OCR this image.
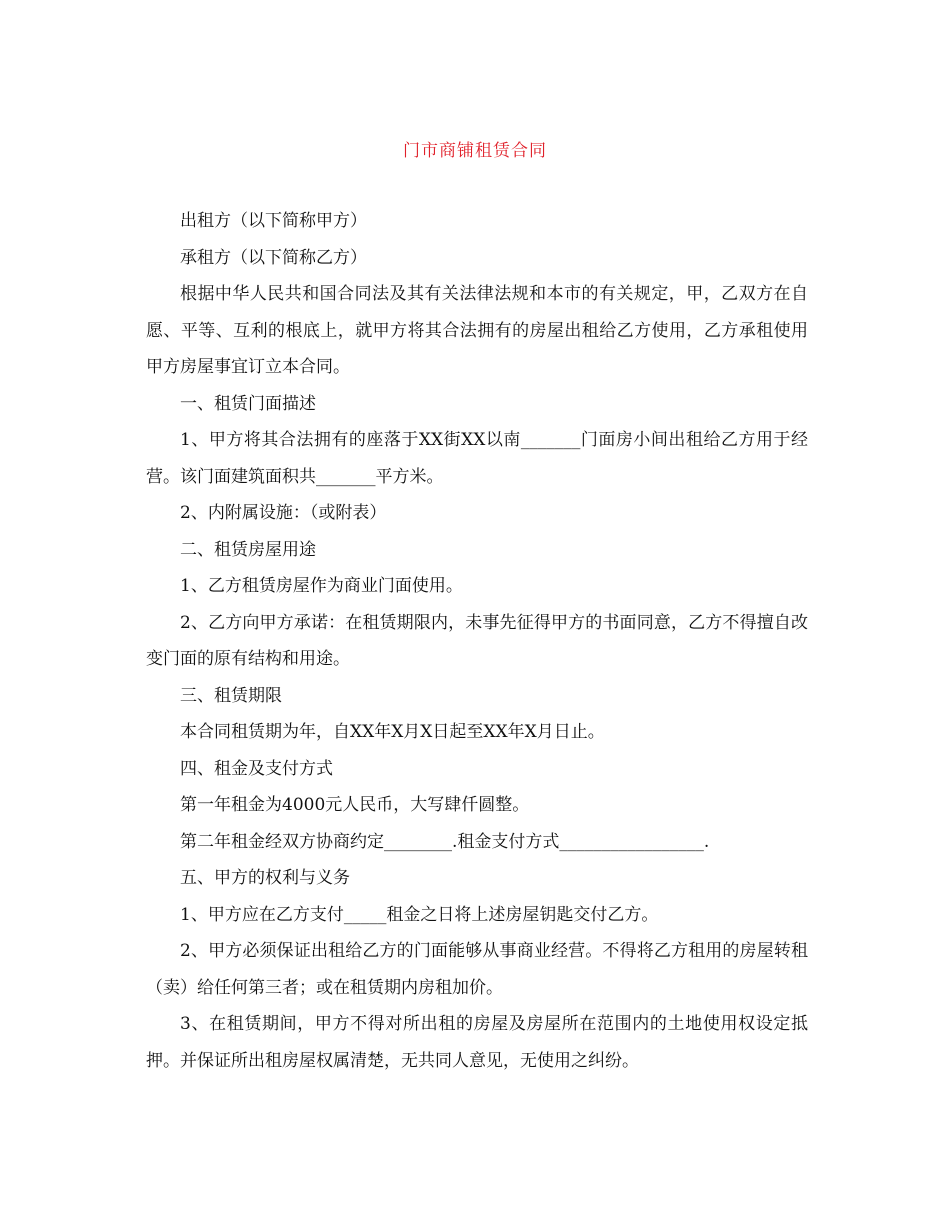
门市商铺租赁合同

出租方（以下简称甲方）

承租方（以下简称乙方）

根据中华人民共和国合同法及其有关法律法规和本市的有关规定，甲，乙双方在自愿、平等、互利的根底上，就甲方将其合法拥有的房屋出租给乙方使用，乙方承租使用甲方房屋事宜订立本合同。

一、租赁门面描述

1、甲方将其合法拥有的座落于XX街XX以南_______门面房小间出租给乙方用于经营。该门面建筑面积共_______平方米。

2、内附属设施：（或附表）

二、租赁房屋用途

1、乙方租赁房屋作为商业门面使用。

2、乙方向甲方承诺：在租赁期限内，未事先征得甲方的书面同意，乙方不得擅自改变门面的原有结构和用途。

三、租赁期限

本合同租赁期为年，自XX年X月X日起至XX年X月日止。

四、租金及支付方式

第一年租金为4000元人民币，大写肆仟圆整。

第二年租金经双方协商约定________.租金支付方式_________________.

五、甲方的权利与义务

1、甲方应在乙方支付_____租金之日将上述房屋钥匙交付乙方。

2、甲方必须保证出租给乙方的门面能够从事商业经营。不得将乙方租用的房屋转租（卖）给任何第三者；或在租赁期内房租加价。

3、在租赁期间，甲方不得对所出租的房屋及房屋所在范围内的土地使用权设定抵押。并保证所出租房屋权属清楚，无共同人意见，无使用之纠纷。
